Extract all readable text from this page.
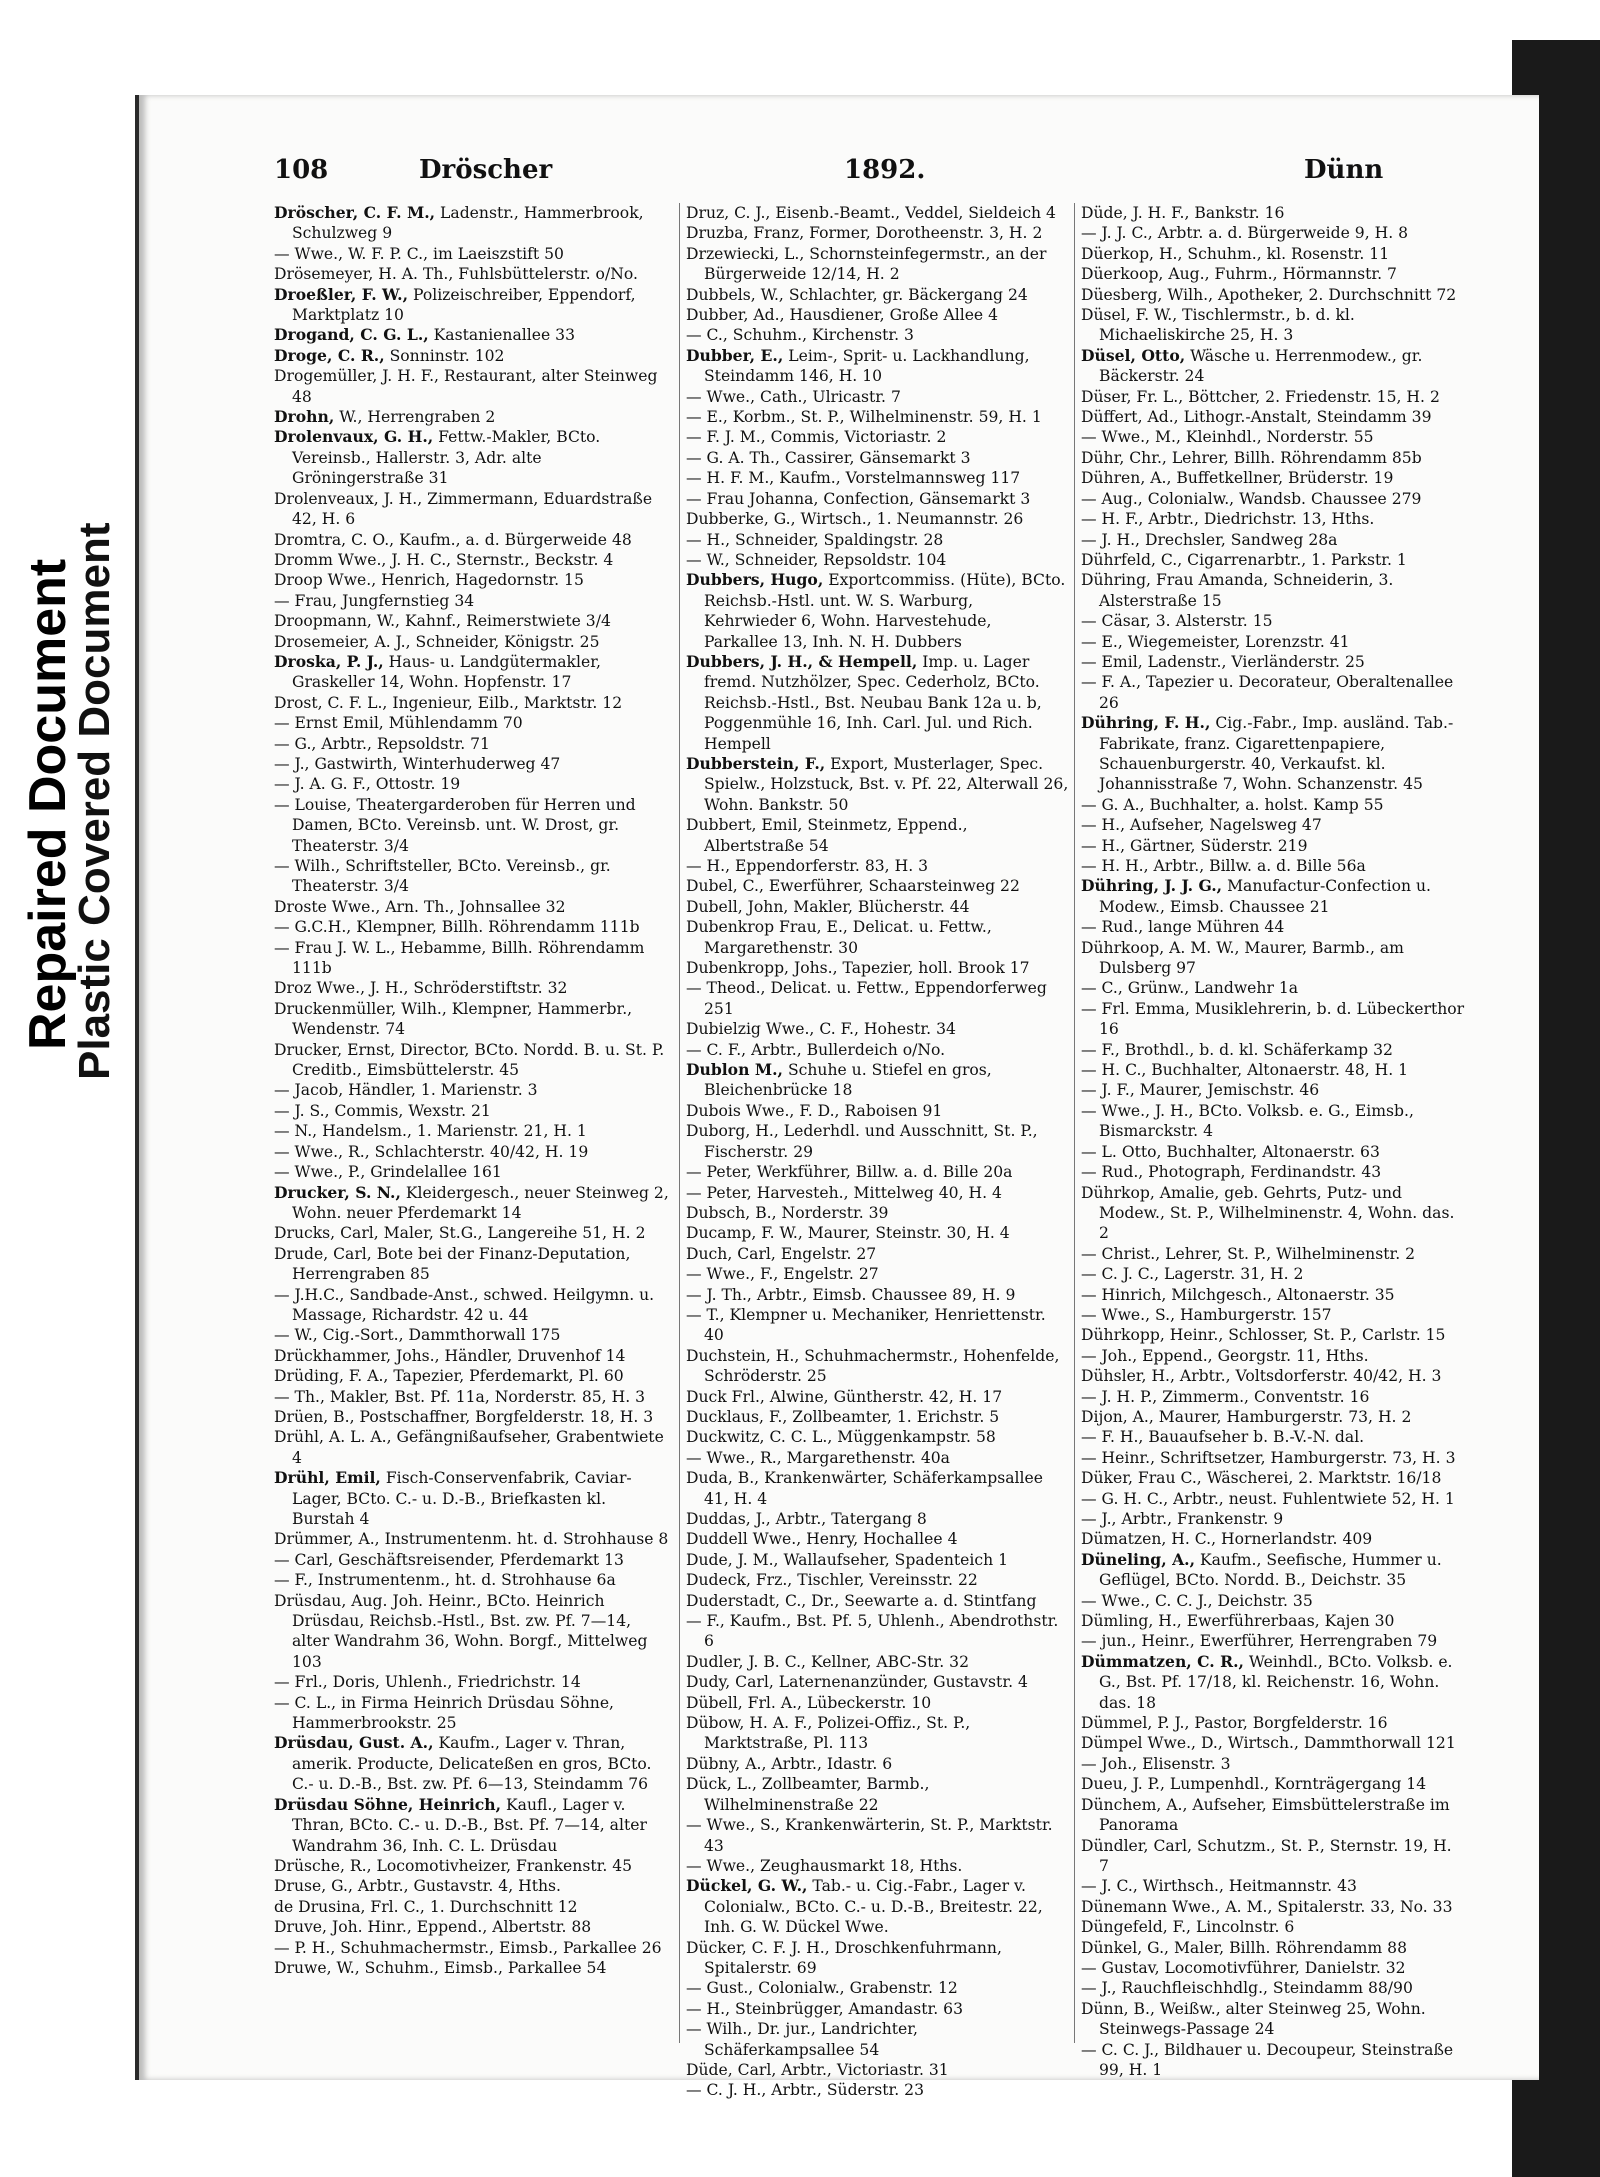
Repaired Document
Plastic Covered Document
108	Dröscher	1892.	Dünn

Dröscher, C. F. M., Ladenstr., Hammerbrook, Schulzweg 9

— Wwe., W. F. P. C., im Laeiszstift 50

Drösemeyer, H. A. Th., Fuhlsbüttelerstr. o/No.

Droeßler, F. W., Polizeischreiber, Eppendorf, Marktplatz 10

Drogand, C. G. L., Kastanienallee 33

Droge, C. R., Sonninstr. 102

Drogemüller, J. H. F., Restaurant, alter Steinweg 48

Drohn, W., Herrengraben 2

Drolenvaux, G. H., Fettw.-Makler, BCto. Vereinsb., Hallerstr. 3, Adr. alte Gröningerstraße 31

Drolenveaux, J. H., Zimmermann, Eduardstraße 42, H. 6

Dromtra, C. O., Kaufm., a. d. Bürgerweide 48

Dromm Wwe., J. H. C., Sternstr., Beckstr. 4

Droop Wwe., Henrich, Hagedornstr. 15

— Frau, Jungfernstieg 34

Droopmann, W., Kahnf., Reimerstwiete 3/4

Drosemeier, A. J., Schneider, Königstr. 25

Droska, P. J., Haus- u. Landgütermakler, Graskeller 14, Wohn. Hopfenstr. 17

Drost, C. F. L., Ingenieur, Eilb., Marktstr. 12

— Ernst Emil, Mühlendamm 70

— G., Arbtr., Repsoldstr. 71

— J., Gastwirth, Winterhuderweg 47

— J. A. G. F., Ottostr. 19

— Louise, Theatergarderoben für Herren und Damen, BCto. Vereinsb. unt. W. Drost, gr. Theaterstr. 3/4

— Wilh., Schriftsteller, BCto. Vereinsb., gr. Theaterstr. 3/4

Droste Wwe., Arn. Th., Johnsallee 32

— G.C.H., Klempner, Billh. Röhrendamm 111b

— Frau J. W. L., Hebamme, Billh. Röhrendamm 111b

Droz Wwe., J. H., Schröderstiftstr. 32

Druckenmüller, Wilh., Klempner, Hammerbr., Wendenstr. 74

Drucker, Ernst, Director, BCto. Nordd. B. u. St. P. Creditb., Eimsbüttelerstr. 45

— Jacob, Händler, 1. Marienstr. 3

— J. S., Commis, Wexstr. 21

— N., Handelsm., 1. Marienstr. 21, H. 1

— Wwe., R., Schlachterstr. 40/42, H. 19

— Wwe., P., Grindelallee 161

Drucker, S. N., Kleidergesch., neuer Steinweg 2, Wohn. neuer Pferdemarkt 14

Drucks, Carl, Maler, St.G., Langereihe 51, H. 2

Drude, Carl, Bote bei der Finanz-Deputation, Herrengraben 85

— J.H.C., Sandbade-Anst., schwed. Heilgymn. u. Massage, Richardstr. 42 u. 44

— W., Cig.-Sort., Dammthorwall 175

Drückhammer, Johs., Händler, Druvenhof 14

Drüding, F. A., Tapezier, Pferdemarkt, Pl. 60

— Th., Makler, Bst. Pf. 11a, Norderstr. 85, H. 3

Drüen, B., Postschaffner, Borgfelderstr. 18, H. 3

Drühl, A. L. A., Gefängnißaufseher, Grabentwiete 4

Drühl, Emil, Fisch-Conservenfabrik, Caviar-Lager, BCto. C.- u. D.-B., Briefkasten kl. Burstah 4

Drümmer, A., Instrumentenm. ht. d. Strohhause 8

— Carl, Geschäftsreisender, Pferdemarkt 13

— F., Instrumentenm., ht. d. Strohhause 6a

Drüsdau, Aug. Joh. Heinr., BCto. Heinrich Drüsdau, Reichsb.-Hstl., Bst. zw. Pf. 7—14, alter Wandrahm 36, Wohn. Borgf., Mittelweg 103

— Frl., Doris, Uhlenh., Friedrichstr. 14

— C. L., in Firma Heinrich Drüsdau Söhne, Hammerbrookstr. 25

Drüsdau, Gust. A., Kaufm., Lager v. Thran, amerik. Producte, Delicateßen en gros, BCto. C.- u. D.-B., Bst. zw. Pf. 6—13, Steindamm 76

Drüsdau Söhne, Heinrich, Kaufl., Lager v. Thran, BCto. C.- u. D.-B., Bst. Pf. 7—14, alter Wandrahm 36, Inh. C. L. Drüsdau

Drüsche, R., Locomotivheizer, Frankenstr. 45

Druse, G., Arbtr., Gustavstr. 4, Hths.

de Drusina, Frl. C., 1. Durchschnitt 12

Druve, Joh. Hinr., Eppend., Albertstr. 88

— P. H., Schuhmachermstr., Eimsb., Parkallee 26

Druwe, W., Schuhm., Eimsb., Parkallee 54

Druz, C. J., Eisenb.-Beamt., Veddel, Sieldeich 4

Druzba, Franz, Former, Dorotheenstr. 3, H. 2

Drzewiecki, L., Schornsteinfegermstr., an der Bürgerweide 12/14, H. 2

Dubbels, W., Schlachter, gr. Bäckergang 24

Dubber, Ad., Hausdiener, Große Allee 4

— C., Schuhm., Kirchenstr. 3

Dubber, E., Leim-, Sprit- u. Lackhandlung, Steindamm 146, H. 10

— Wwe., Cath., Ulricastr. 7

— E., Korbm., St. P., Wilhelminenstr. 59, H. 1

— F. J. M., Commis, Victoriastr. 2

— G. A. Th., Cassirer, Gänsemarkt 3

— H. F. M., Kaufm., Vorstelmannsweg 117

— Frau Johanna, Confection, Gänsemarkt 3

Dubberke, G., Wirtsch., 1. Neumannstr. 26

— H., Schneider, Spaldingstr. 28

— W., Schneider, Repsoldstr. 104

Dubbers, Hugo, Exportcommiss. (Hüte), BCto. Reichsb.-Hstl. unt. W. S. Warburg, Kehrwieder 6, Wohn. Harvestehude, Parkallee 13, Inh. N. H. Dubbers

Dubbers, J. H., & Hempell, Imp. u. Lager fremd. Nutzhölzer, Spec. Cederholz, BCto. Reichsb.-Hstl., Bst. Neubau Bank 12a u. b, Poggenmühle 16, Inh. Carl. Jul. und Rich. Hempell

Dubberstein, F., Export, Musterlager, Spec. Spielw., Holzstuck, Bst. v. Pf. 22, Alterwall 26, Wohn. Bankstr. 50

Dubbert, Emil, Steinmetz, Eppend., Albertstraße 54

— H., Eppendorferstr. 83, H. 3

Dubel, C., Ewerführer, Schaarsteinweg 22

Dubell, John, Makler, Blücherstr. 44

Dubenkrop Frau, E., Delicat. u. Fettw., Margarethenstr. 30

Dubenkropp, Johs., Tapezier, holl. Brook 17

— Theod., Delicat. u. Fettw., Eppendorferweg 251

Dubielzig Wwe., C. F., Hohestr. 34

— C. F., Arbtr., Bullerdeich o/No.

Dublon M., Schuhe u. Stiefel en gros, Bleichenbrücke 18

Dubois Wwe., F. D., Raboisen 91

Duborg, H., Lederhdl. und Ausschnitt, St. P., Fischerstr. 29

— Peter, Werkführer, Billw. a. d. Bille 20a

— Peter, Harvesteh., Mittelweg 40, H. 4

Dubsch, B., Norderstr. 39

Ducamp, F. W., Maurer, Steinstr. 30, H. 4

Duch, Carl, Engelstr. 27

— Wwe., F., Engelstr. 27

— J. Th., Arbtr., Eimsb. Chaussee 89, H. 9

— T., Klempner u. Mechaniker, Henriettenstr. 40

Duchstein, H., Schuhmachermstr., Hohenfelde, Schröderstr. 25

Duck Frl., Alwine, Güntherstr. 42, H. 17

Ducklaus, F., Zollbeamter, 1. Erichstr. 5

Duckwitz, C. C. L., Müggenkampstr. 58

— Wwe., R., Margarethenstr. 40a

Duda, B., Krankenwärter, Schäferkampsallee 41, H. 4

Duddas, J., Arbtr., Tatergang 8

Duddell Wwe., Henry, Hochallee 4

Dude, J. M., Wallaufseher, Spadenteich 1

Dudeck, Frz., Tischler, Vereinsstr. 22

Duderstadt, C., Dr., Seewarte a. d. Stintfang

— F., Kaufm., Bst. Pf. 5, Uhlenh., Abendrothstr. 6

Dudler, J. B. C., Kellner, ABC-Str. 32

Dudy, Carl, Laternenanzünder, Gustavstr. 4

Dübell, Frl. A., Lübeckerstr. 10

Dübow, H. A. F., Polizei-Offiz., St. P., Marktstraße, Pl. 113

Dübny, A., Arbtr., Idastr. 6

Dück, L., Zollbeamter, Barmb., Wilhelminenstraße 22

— Wwe., S., Krankenwärterin, St. P., Marktstr. 43

— Wwe., Zeughausmarkt 18, Hths.

Dückel, G. W., Tab.- u. Cig.-Fabr., Lager v. Colonialw., BCto. C.- u. D.-B., Breitestr. 22, Inh. G. W. Dückel Wwe.

Dücker, C. F. J. H., Droschkenfuhrmann, Spitalerstr. 69

— Gust., Colonialw., Grabenstr. 12

— H., Steinbrügger, Amandastr. 63

— Wilh., Dr. jur., Landrichter, Schäferkampsallee 54

Düde, Carl, Arbtr., Victoriastr. 31

— C. J. H., Arbtr., Süderstr. 23

Düde, J. H. F., Bankstr. 16

— J. J. C., Arbtr. a. d. Bürgerweide 9, H. 8

Düerkop, H., Schuhm., kl. Rosenstr. 11

Düerkoop, Aug., Fuhrm., Hörmannstr. 7

Düesberg, Wilh., Apotheker, 2. Durchschnitt 72

Düsel, F. W., Tischlermstr., b. d. kl. Michaeliskirche 25, H. 3

Düsel, Otto, Wäsche u. Herrenmodew., gr. Bäckerstr. 24

Düser, Fr. L., Böttcher, 2. Friedenstr. 15, H. 2

Düffert, Ad., Lithogr.-Anstalt, Steindamm 39

— Wwe., M., Kleinhdl., Norderstr. 55

Dühr, Chr., Lehrer, Billh. Röhrendamm 85b

Dühren, A., Buffetkellner, Brüderstr. 19

— Aug., Colonialw., Wandsb. Chaussee 279

— H. F., Arbtr., Diedrichstr. 13, Hths.

— J. H., Drechsler, Sandweg 28a

Dührfeld, C., Cigarrenarbtr., 1. Parkstr. 1

Dühring, Frau Amanda, Schneiderin, 3. Alsterstraße 15

— Cäsar, 3. Alsterstr. 15

— E., Wiegemeister, Lorenzstr. 41

— Emil, Ladenstr., Vierländerstr. 25

— F. A., Tapezier u. Decorateur, Oberaltenallee 26

Dühring, F. H., Cig.-Fabr., Imp. ausländ. Tab.-Fabrikate, franz. Cigarettenpapiere, Schauenburgerstr. 40, Verkaufst. kl. Johannisstraße 7, Wohn. Schanzenstr. 45

— G. A., Buchhalter, a. holst. Kamp 55

— H., Aufseher, Nagelsweg 47

— H., Gärtner, Süderstr. 219

— H. H., Arbtr., Billw. a. d. Bille 56a

Dühring, J. J. G., Manufactur-Confection u. Modew., Eimsb. Chaussee 21

— Rud., lange Mühren 44

Dührkoop, A. M. W., Maurer, Barmb., am Dulsberg 97

— C., Grünw., Landwehr 1a

— Frl. Emma, Musiklehrerin, b. d. Lübeckerthor 16

— F., Brothdl., b. d. kl. Schäferkamp 32

— H. C., Buchhalter, Altonaerstr. 48, H. 1

— J. F., Maurer, Jemischstr. 46

— Wwe., J. H., BCto. Volksb. e. G., Eimsb., Bismarckstr. 4

— L. Otto, Buchhalter, Altonaerstr. 63

— Rud., Photograph, Ferdinandstr. 43

Dührkop, Amalie, geb. Gehrts, Putz- und Modew., St. P., Wilhelminenstr. 4, Wohn. das. 2

— Christ., Lehrer, St. P., Wilhelminenstr. 2

— C. J. C., Lagerstr. 31, H. 2

— Hinrich, Milchgesch., Altonaerstr. 35

— Wwe., S., Hamburgerstr. 157

Dührkopp, Heinr., Schlosser, St. P., Carlstr. 15

— Joh., Eppend., Georgstr. 11, Hths.

Dühsler, H., Arbtr., Voltsdorferstr. 40/42, H. 3

— J. H. P., Zimmerm., Conventstr. 16

Dijon, A., Maurer, Hamburgerstr. 73, H. 2

— F. H., Bauaufseher b. B.-V.-N. dal.

— Heinr., Schriftsetzer, Hamburgerstr. 73, H. 3

Düker, Frau C., Wäscherei, 2. Marktstr. 16/18

— G. H. C., Arbtr., neust. Fuhlentwiete 52, H. 1

— J., Arbtr., Frankenstr. 9

Dümatzen, H. C., Hornerlandstr. 409

Düneling, A., Kaufm., Seefische, Hummer u. Geflügel, BCto. Nordd. B., Deichstr. 35

— Wwe., C. C. J., Deichstr. 35

Dümling, H., Ewerführerbaas, Kajen 30

— jun., Heinr., Ewerführer, Herrengraben 79

Dümmatzen, C. R., Weinhdl., BCto. Volksb. e. G., Bst. Pf. 17/18, kl. Reichenstr. 16, Wohn. das. 18

Dümmel, P. J., Pastor, Borgfelderstr. 16

Dümpel Wwe., D., Wirtsch., Dammthorwall 121

— Joh., Elisenstr. 3

Dueu, J. P., Lumpenhdl., Kornträgergang 14

Dünchem, A., Aufseher, Eimsbüttelerstraße im Panorama

Dündler, Carl, Schutzm., St. P., Sternstr. 19, H. 7

— J. C., Wirthsch., Heitmannstr. 43

Dünemann Wwe., A. M., Spitalerstr. 33, No. 33

Düngefeld, F., Lincolnstr. 6

Dünkel, G., Maler, Billh. Röhrendamm 88

— Gustav, Locomotivführer, Danielstr. 32

— J., Rauchfleischhdlg., Steindamm 88/90

Dünn, B., Weißw., alter Steinweg 25, Wohn. Steinwegs-Passage 24

— C. C. J., Bildhauer u. Decoupeur, Steinstraße 99, H. 1
